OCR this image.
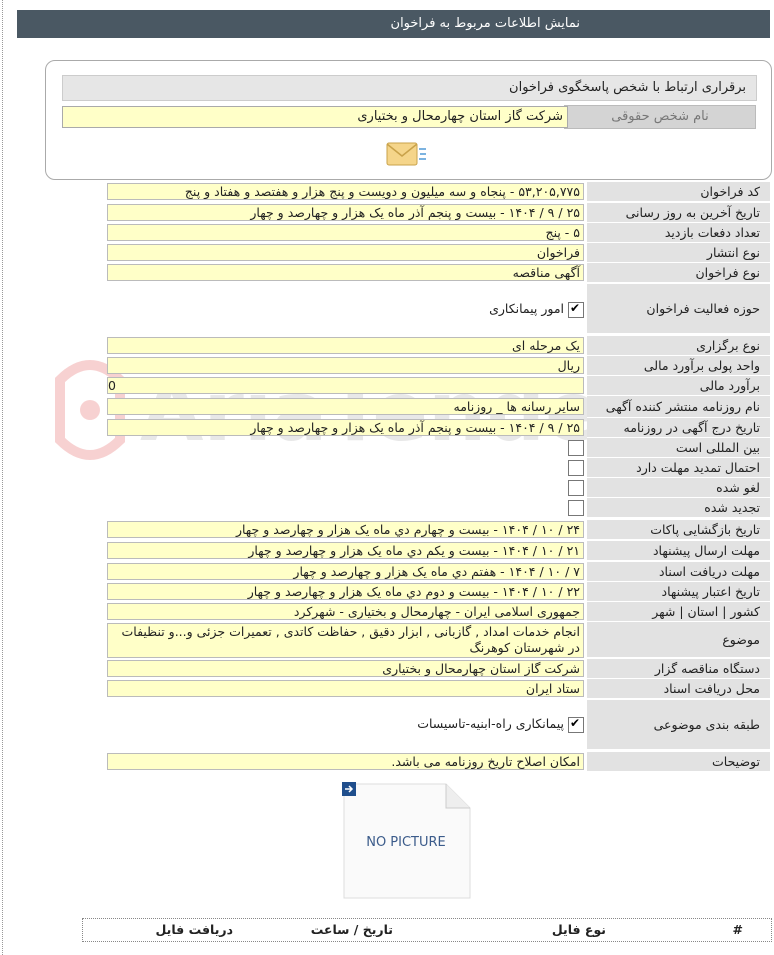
نمایش اطلاعات مربوط به فراخوان
برقراری ارتباط با شخص پاسخگوی فراخوان
نام شخص حقوقی
شرکت گاز استان چهارمحال و بختیاری
کد فراخوان
۵۳,۲۰۵,۷۷۵ - پنجاه و سه میلیون و دویست و پنج هزار و هفتصد و هفتاد و پنج
تاریخ آخرین به روز رسانی
۲۵ / ۹ / ۱۴۰۴ - بیست و پنجم آذر ماه یک هزار و چهارصد و چهار
تعداد دفعات بازدید
۵ - پنج
نوع انتشار
فراخوان
نوع فراخوان
آگهی مناقصه
حوزه فعالیت فراخوان
✔
امور پیمانکاری
نوع برگزاری
یک مرحله ای
واحد پولی برآورد مالی
ریال
برآورد مالی
0
نام روزنامه منتشر کننده آگهی
سایر رسانه ها _ روزنامه
تاریخ درج آگهی در روزنامه
۲۵ / ۹ / ۱۴۰۴ - بیست و پنجم آذر ماه یک هزار و چهارصد و چهار
بین المللی است
احتمال تمدید مهلت دارد
لغو شده
تجدید شده
تاریخ بازگشایی پاکات
۲۴ / ۱۰ / ۱۴۰۴ - بیست و چهارم دي ماه یک هزار و چهارصد و چهار
مهلت ارسال پیشنهاد
۲۱ / ۱۰ / ۱۴۰۴ - بیست و یکم دي ماه یک هزار و چهارصد و چهار
مهلت دریافت اسناد
۷ / ۱۰ / ۱۴۰۴ - هفتم دي ماه یک هزار و چهارصد و چهار
تاریخ اعتبار پیشنهاد
۲۲ / ۱۰ / ۱۴۰۴ - بیست و دوم دي ماه یک هزار و چهارصد و چهار
کشور | استان | شهر
جمهوری اسلامی ایران - چهارمحال و بختیاری - شهرکرد
موضوع
انجام خدمات امداد , گازبانی , ابزار دقیق , حفاظت کاتدی , تعمیرات جزئی و...و تنظیفات در شهرستان کوهرنگ
دستگاه مناقصه گزار
شرکت گاز استان چهارمحال و بختیاری
محل دریافت اسناد
ستاد ایران
طبقه بندی موضوعی
✔
پیمانکاری راه-ابنیه-تاسیسات
توضیحات
امکان اصلاح تاریخ روزنامه می باشد.
NO PICTURE
#
نوع فایل
تاریخ / ساعت
دریافت فایل
